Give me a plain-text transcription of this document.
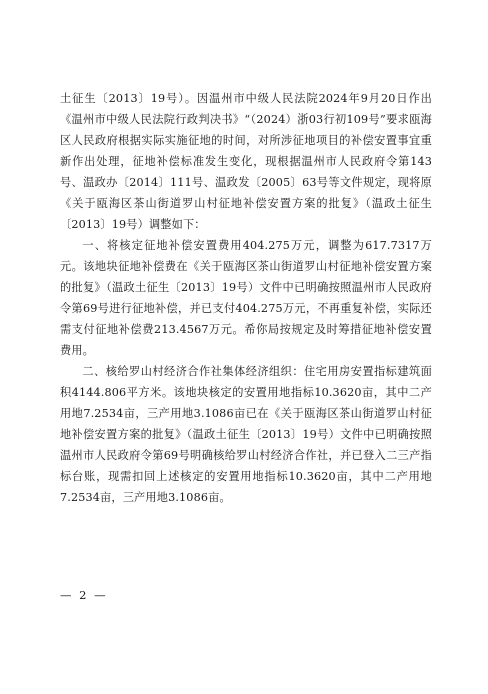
土征生〔2013〕19号）。因温州市中级人民法院2024年9月20日作出《温州市中级人民法院行政判决书》“（2024）浙03行初109号”要求瓯海区人民政府根据实际实施征地的时间，对所涉征地项目的补偿安置事宜重新作出处理，征地补偿标准发生变化，现根据温州市人民政府令第143号、温政办〔2014〕111号、温政发〔2005〕63号等文件规定，现将原《关于瓯海区茶山街道罗山村征地补偿安置方案的批复》（温政土征生〔2013〕19号）调整如下：

一、将核定征地补偿安置费用404.275万元，调整为617.7317万元。该地块征地补偿费在《关于瓯海区茶山街道罗山村征地补偿安置方案的批复》（温政土征生〔2013〕19号）文件中已明确按照温州市人民政府令第69号进行征地补偿，并已支付404.275万元，不再重复补偿，实际还需支付征地补偿费213.4567万元。希你局按规定及时筹措征地补偿安置费用。

二、核给罗山村经济合作社集体经济组织：住宅用房安置指标建筑面积4144.806平方米。该地块核定的安置用地指标10.3620亩，其中二产用地7.2534亩，三产用地3.1086亩已在《关于瓯海区茶山街道罗山村征地补偿安置方案的批复》（温政土征生〔2013〕19号）文件中已明确按照温州市人民政府令第69号明确核给罗山村经济合作社，并已登入二三产指标台账，现需扣回上述核定的安置用地指标10.3620亩，其中二产用地7.2534亩，三产用地3.1086亩。

— 2 —
